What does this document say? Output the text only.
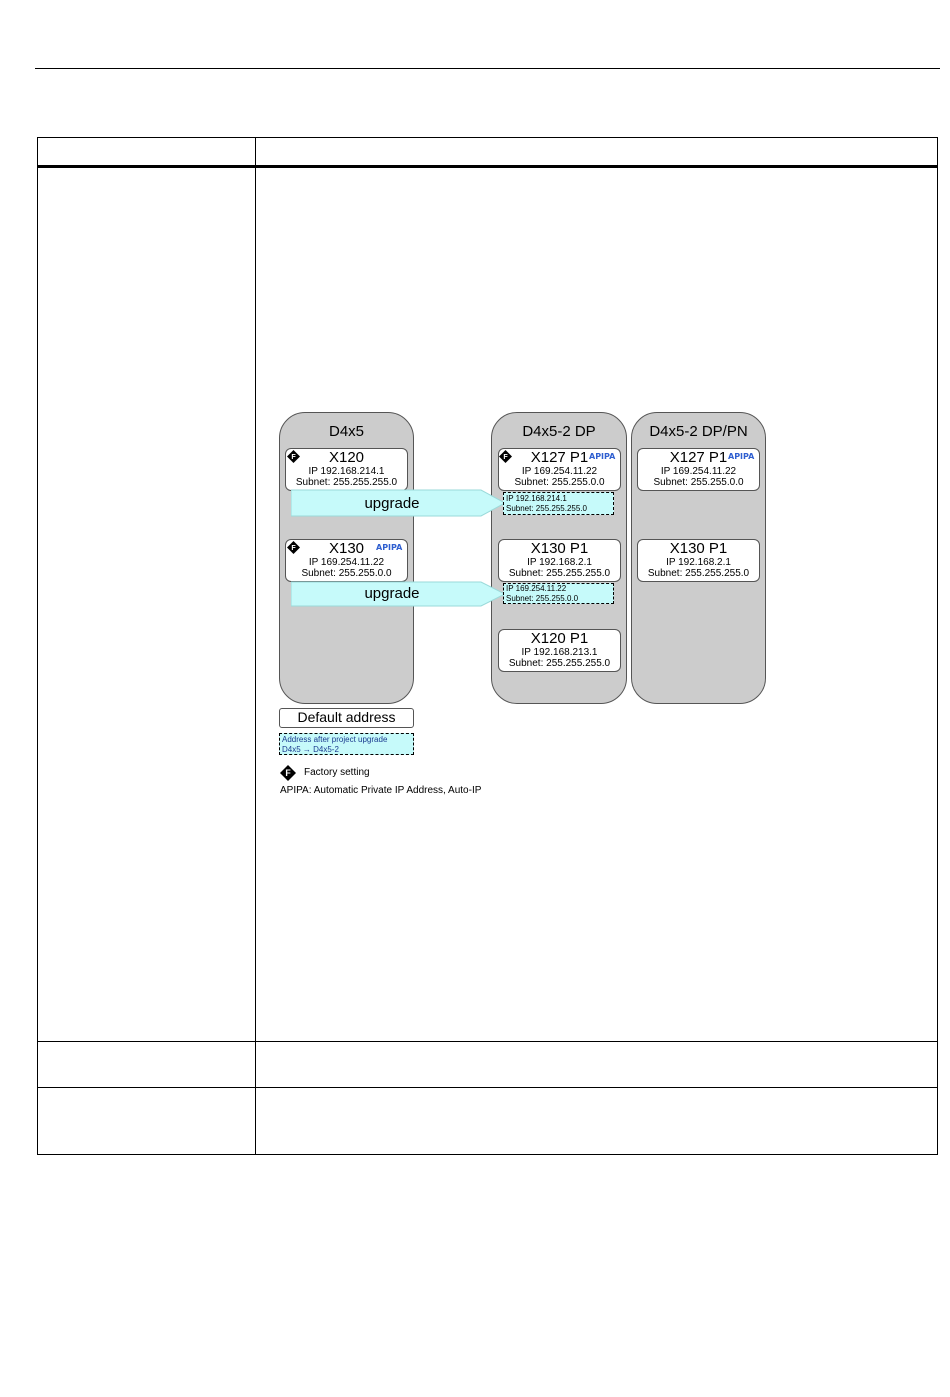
D4x5	D4x5-2 DP	D4x5-2 DP/PN
X120
IP 192.168.214.1
Subnet: 255.255.255.0
X130
IP 169.254.11.22
Subnet: 255.255.0.0
APIPA
X127 P1
IP 169.254.11.22
Subnet: 255.255.0.0
APIPA
X130 P1
IP 192.168.2.1
Subnet: 255.255.255.0
X120 P1
IP 192.168.213.1
Subnet: 255.255.255.0
X127 P1
IP 169.254.11.22
Subnet: 255.255.0.0
APIPA
X130 P1
IP 192.168.2.1
Subnet: 255.255.255.0
F
F
F
upgrade	IP 192.168.214.1
Subnet: 255.255.255.0
upgrade	IP 169.254.11.22
Subnet: 255.255.0.0
Default address
Address after project upgrade
D4x5 → D4x5-2
F Factory setting
APIPA: Automatic Private IP Address, Auto-IP
